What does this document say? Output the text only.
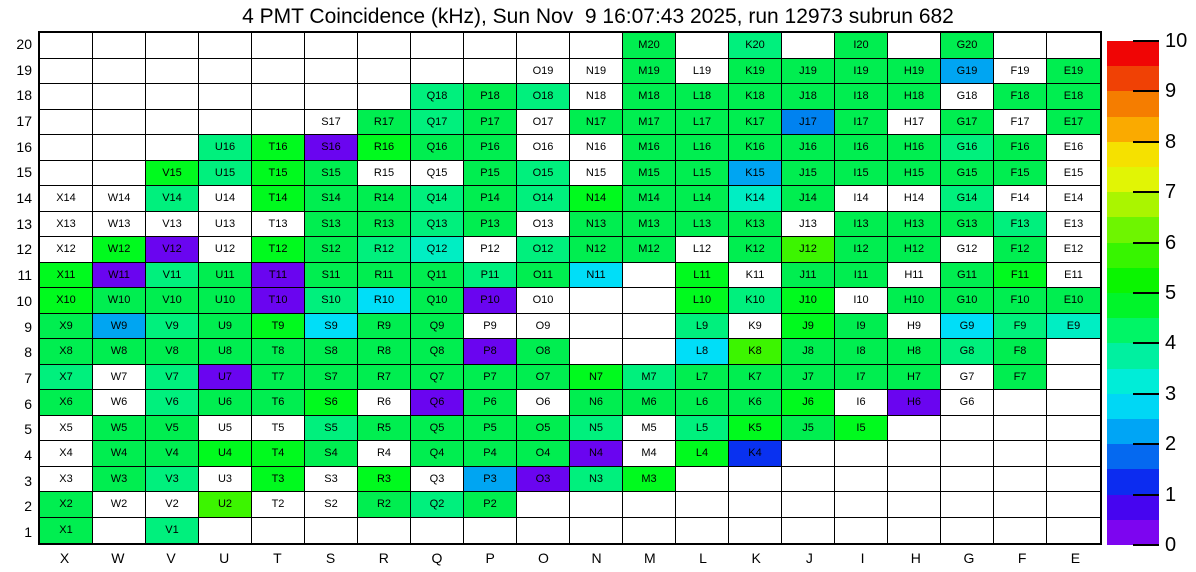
4 PMT Coincidence (kHz), Sun Nov  9 16:07:43 2025, run 12973 subrun 682
M20	K20	I20	G20
O19	N19	M19	L19	K19	J19	I19	H19	G19	F19	E19
Q18	P18	O18	N18	M18	L18	K18	J18	I18	H18	G18	F18	E18
S17	R17	Q17	P17	O17	N17	M17	L17	K17	J17	I17	H17	G17	F17	E17
U16	T16	S16	R16	Q16	P16	O16	N16	M16	L16	K16	J16	I16	H16	G16	F16	E16
V15	U15	T15	S15	R15	Q15	P15	O15	N15	M15	L15	K15	J15	I15	H15	G15	F15	E15
X14	W14	V14	U14	T14	S14	R14	Q14	P14	O14	N14	M14	L14	K14	J14	I14	H14	G14	F14	E14
X13	W13	V13	U13	T13	S13	R13	Q13	P13	O13	N13	M13	L13	K13	J13	I13	H13	G13	F13	E13
X12	W12	V12	U12	T12	S12	R12	Q12	P12	O12	N12	M12	L12	K12	J12	I12	H12	G12	F12	E12
X11	W11	V11	U11	T11	S11	R11	Q11	P11	O11	N11	L11	K11	J11	I11	H11	G11	F11	E11
X10	W10	V10	U10	T10	S10	R10	Q10	P10	O10	L10	K10	J10	I10	H10	G10	F10	E10
X9	W9	V9	U9	T9	S9	R9	Q9	P9	O9	L9	K9	J9	I9	H9	G9	F9	E9
X8	W8	V8	U8	T8	S8	R8	Q8	P8	O8	L8	K8	J8	I8	H8	G8	F8
X7	W7	V7	U7	T7	S7	R7	Q7	P7	O7	N7	M7	L7	K7	J7	I7	H7	G7	F7
X6	W6	V6	U6	T6	S6	R6	Q6	P6	O6	N6	M6	L6	K6	J6	I6	H6	G6
X5	W5	V5	U5	T5	S5	R5	Q5	P5	O5	N5	M5	L5	K5	J5	I5
X4	W4	V4	U4	T4	S4	R4	Q4	P4	O4	N4	M4	L4	K4
X3	W3	V3	U3	T3	S3	R3	Q3	P3	O3	N3	M3
X2	W2	V2	U2	T2	S2	R2	Q2	P2
X1	V1
1
2
3
4
5
6
7
8
9
10
11
12
13
14
15
16
17
18
19
20
X	W	V	U	T	S	R	Q	P	O	N	M	L	K	J	I	H	G	F	E
0
1
2
3
4
5
6
7
8
9
10
